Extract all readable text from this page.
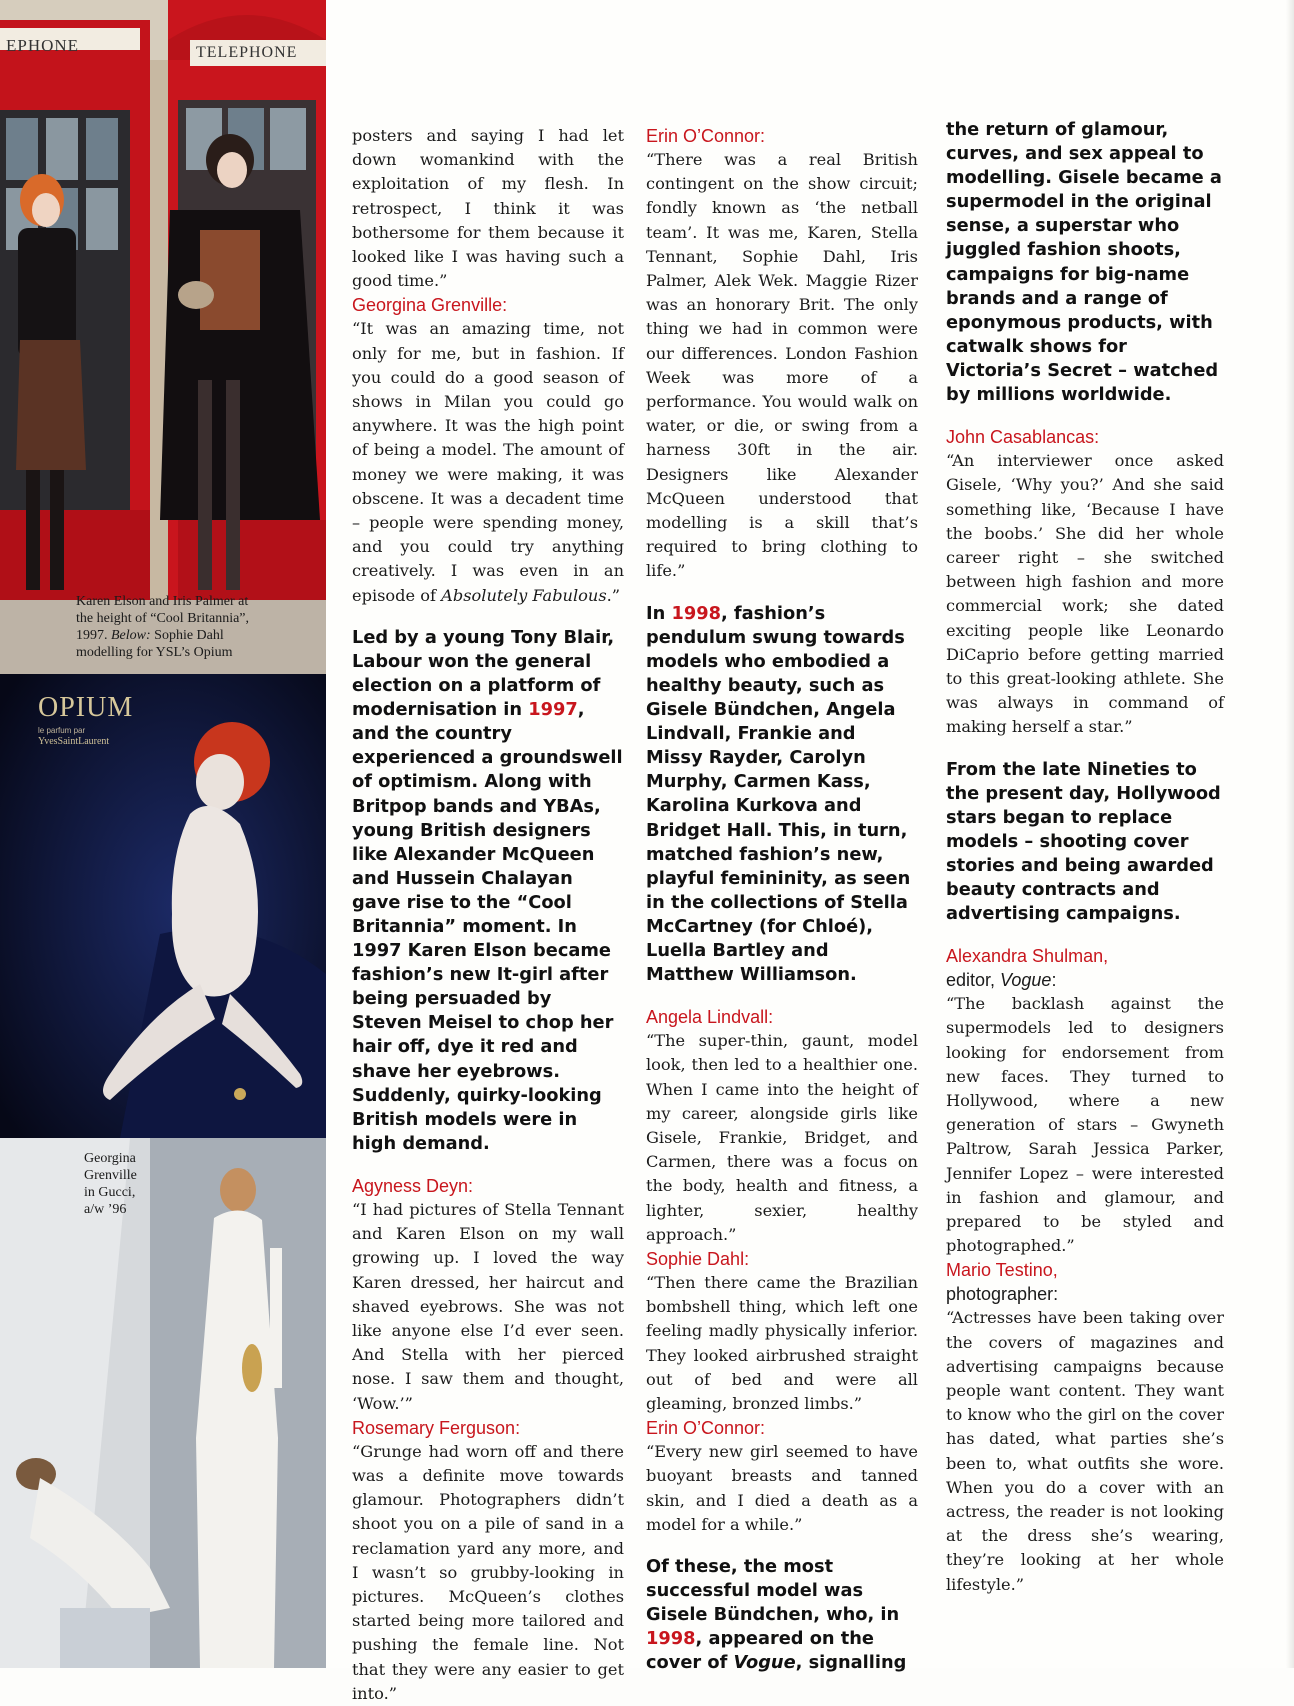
EPHONE	TELEPHONE
Karen Elson and Iris Palmer at
the height of “Cool Britannia”,
1997. Below: Sophie Dahl
modelling for YSL’s Opium
OPIUM
le parfum par
YvesSaintLaurent
Georgina
Grenville
in Gucci,
a/w ’96

posters and saying I had let down womankind with the exploitation of my flesh. In retrospect, I think it was bothersome for them because it looked like I was having such a good time.”

Georgina Grenville:

“It was an amazing time, not only for me, but in fashion. If you could do a good season of shows in Milan you could go anywhere. It was the high point of being a model. The amount of money we were making, it was obscene. It was a decadent time – people were spending money, and you could try anything creatively. I was even in an episode of Absolutely Fabulous.”

Led by a young Tony Blair, Labour won the general election on a platform of modernisation in 1997, and the country experienced a groundswell of optimism. Along with Britpop bands and YBAs, young British designers like Alexander McQueen and Hussein Chalayan gave rise to the “Cool Britannia” moment. In 1997 Karen Elson became fashion’s new It-girl after being persuaded by Steven Meisel to chop her hair off, dye it red and shave her eyebrows. Suddenly, quirky-looking British models were in high demand.

Agyness Deyn:

“I had pictures of Stella Tennant and Karen Elson on my wall growing up. I loved the way Karen dressed, her haircut and shaved eyebrows. She was not like anyone else I’d ever seen. And Stella with her pierced nose. I saw them and thought, ‘Wow.’”

Rosemary Ferguson:

“Grunge had worn off and there was a definite move towards glamour. Photographers didn’t shoot you on a pile of sand in a reclamation yard any more, and I wasn’t so grubby-looking in pictures. McQueen’s clothes started being more tailored and pushing the female line. Not that they were any easier to get into.”

Erin O’Connor:

“There was a real British contingent on the show circuit; fondly known as ‘the netball team’. It was me, Karen, Stella Tennant, Sophie Dahl, Iris Palmer, Alek Wek. Maggie Rizer was an honorary Brit. The only thing we had in common were our differences. London Fashion Week was more of a performance. You would walk on water, or die, or swing from a harness 30ft in the air. Designers like Alexander McQueen understood that modelling is a skill that’s required to bring clothing to life.”

In 1998, fashion’s pendulum swung towards models who embodied a healthy beauty, such as Gisele Bündchen, Angela Lindvall, Frankie and Missy Rayder, Carolyn Murphy, Carmen Kass, Karolina Kurkova and Bridget Hall. This, in turn, matched fashion’s new, playful femininity, as seen in the collections of Stella McCartney (for Chloé), Luella Bartley and Matthew Williamson.

Angela Lindvall:

“The super-thin, gaunt, model look, then led to a healthier one. When I came into the height of my career, alongside girls like Gisele, Frankie, Bridget, and Carmen, there was a focus on the body, health and fitness, a lighter, sexier, healthy approach.”

Sophie Dahl:

“Then there came the Brazilian bombshell thing, which left one feeling madly physically inferior. They looked airbrushed straight out of bed and were all gleaming, bronzed limbs.”

Erin O’Connor:

“Every new girl seemed to have buoyant breasts and tanned skin, and I died a death as a model for a while.”

Of these, the most successful model was Gisele Bündchen, who, in 1998, appeared on the cover of Vogue, signalling

the return of glamour, curves, and sex appeal to modelling. Gisele became a supermodel in the original sense, a superstar who juggled fashion shoots, campaigns for big-name brands and a range of eponymous products, with catwalk shows for Victoria’s Secret – watched by millions worldwide.

John Casablancas:

“An interviewer once asked Gisele, ‘Why you?’ And she said something like, ‘Because I have the boobs.’ She did her whole career right – she switched between high fashion and more commercial work; she dated exciting people like Leonardo DiCaprio before getting married to this great-looking athlete. She was always in command of making herself a star.”

From the late Nineties to the present day, Hollywood stars began to replace models – shooting cover stories and being awarded beauty contracts and advertising campaigns.

Alexandra Shulman,

editor, Vogue:

“The backlash against the supermodels led to designers looking for endorsement from new faces. They turned to Hollywood, where a new generation of stars – Gwyneth Paltrow, Sarah Jessica Parker, Jennifer Lopez – were interested in fashion and glamour, and prepared to be styled and photographed.”

Mario Testino,

photographer:

“Actresses have been taking over the covers of magazines and advertising campaigns because people want content. They want to know who the girl on the cover has dated, what parties she’s been to, what outfits she wore. When you do a cover with an actress, the reader is not looking at the dress she’s wearing, they’re looking at her whole lifestyle.”
